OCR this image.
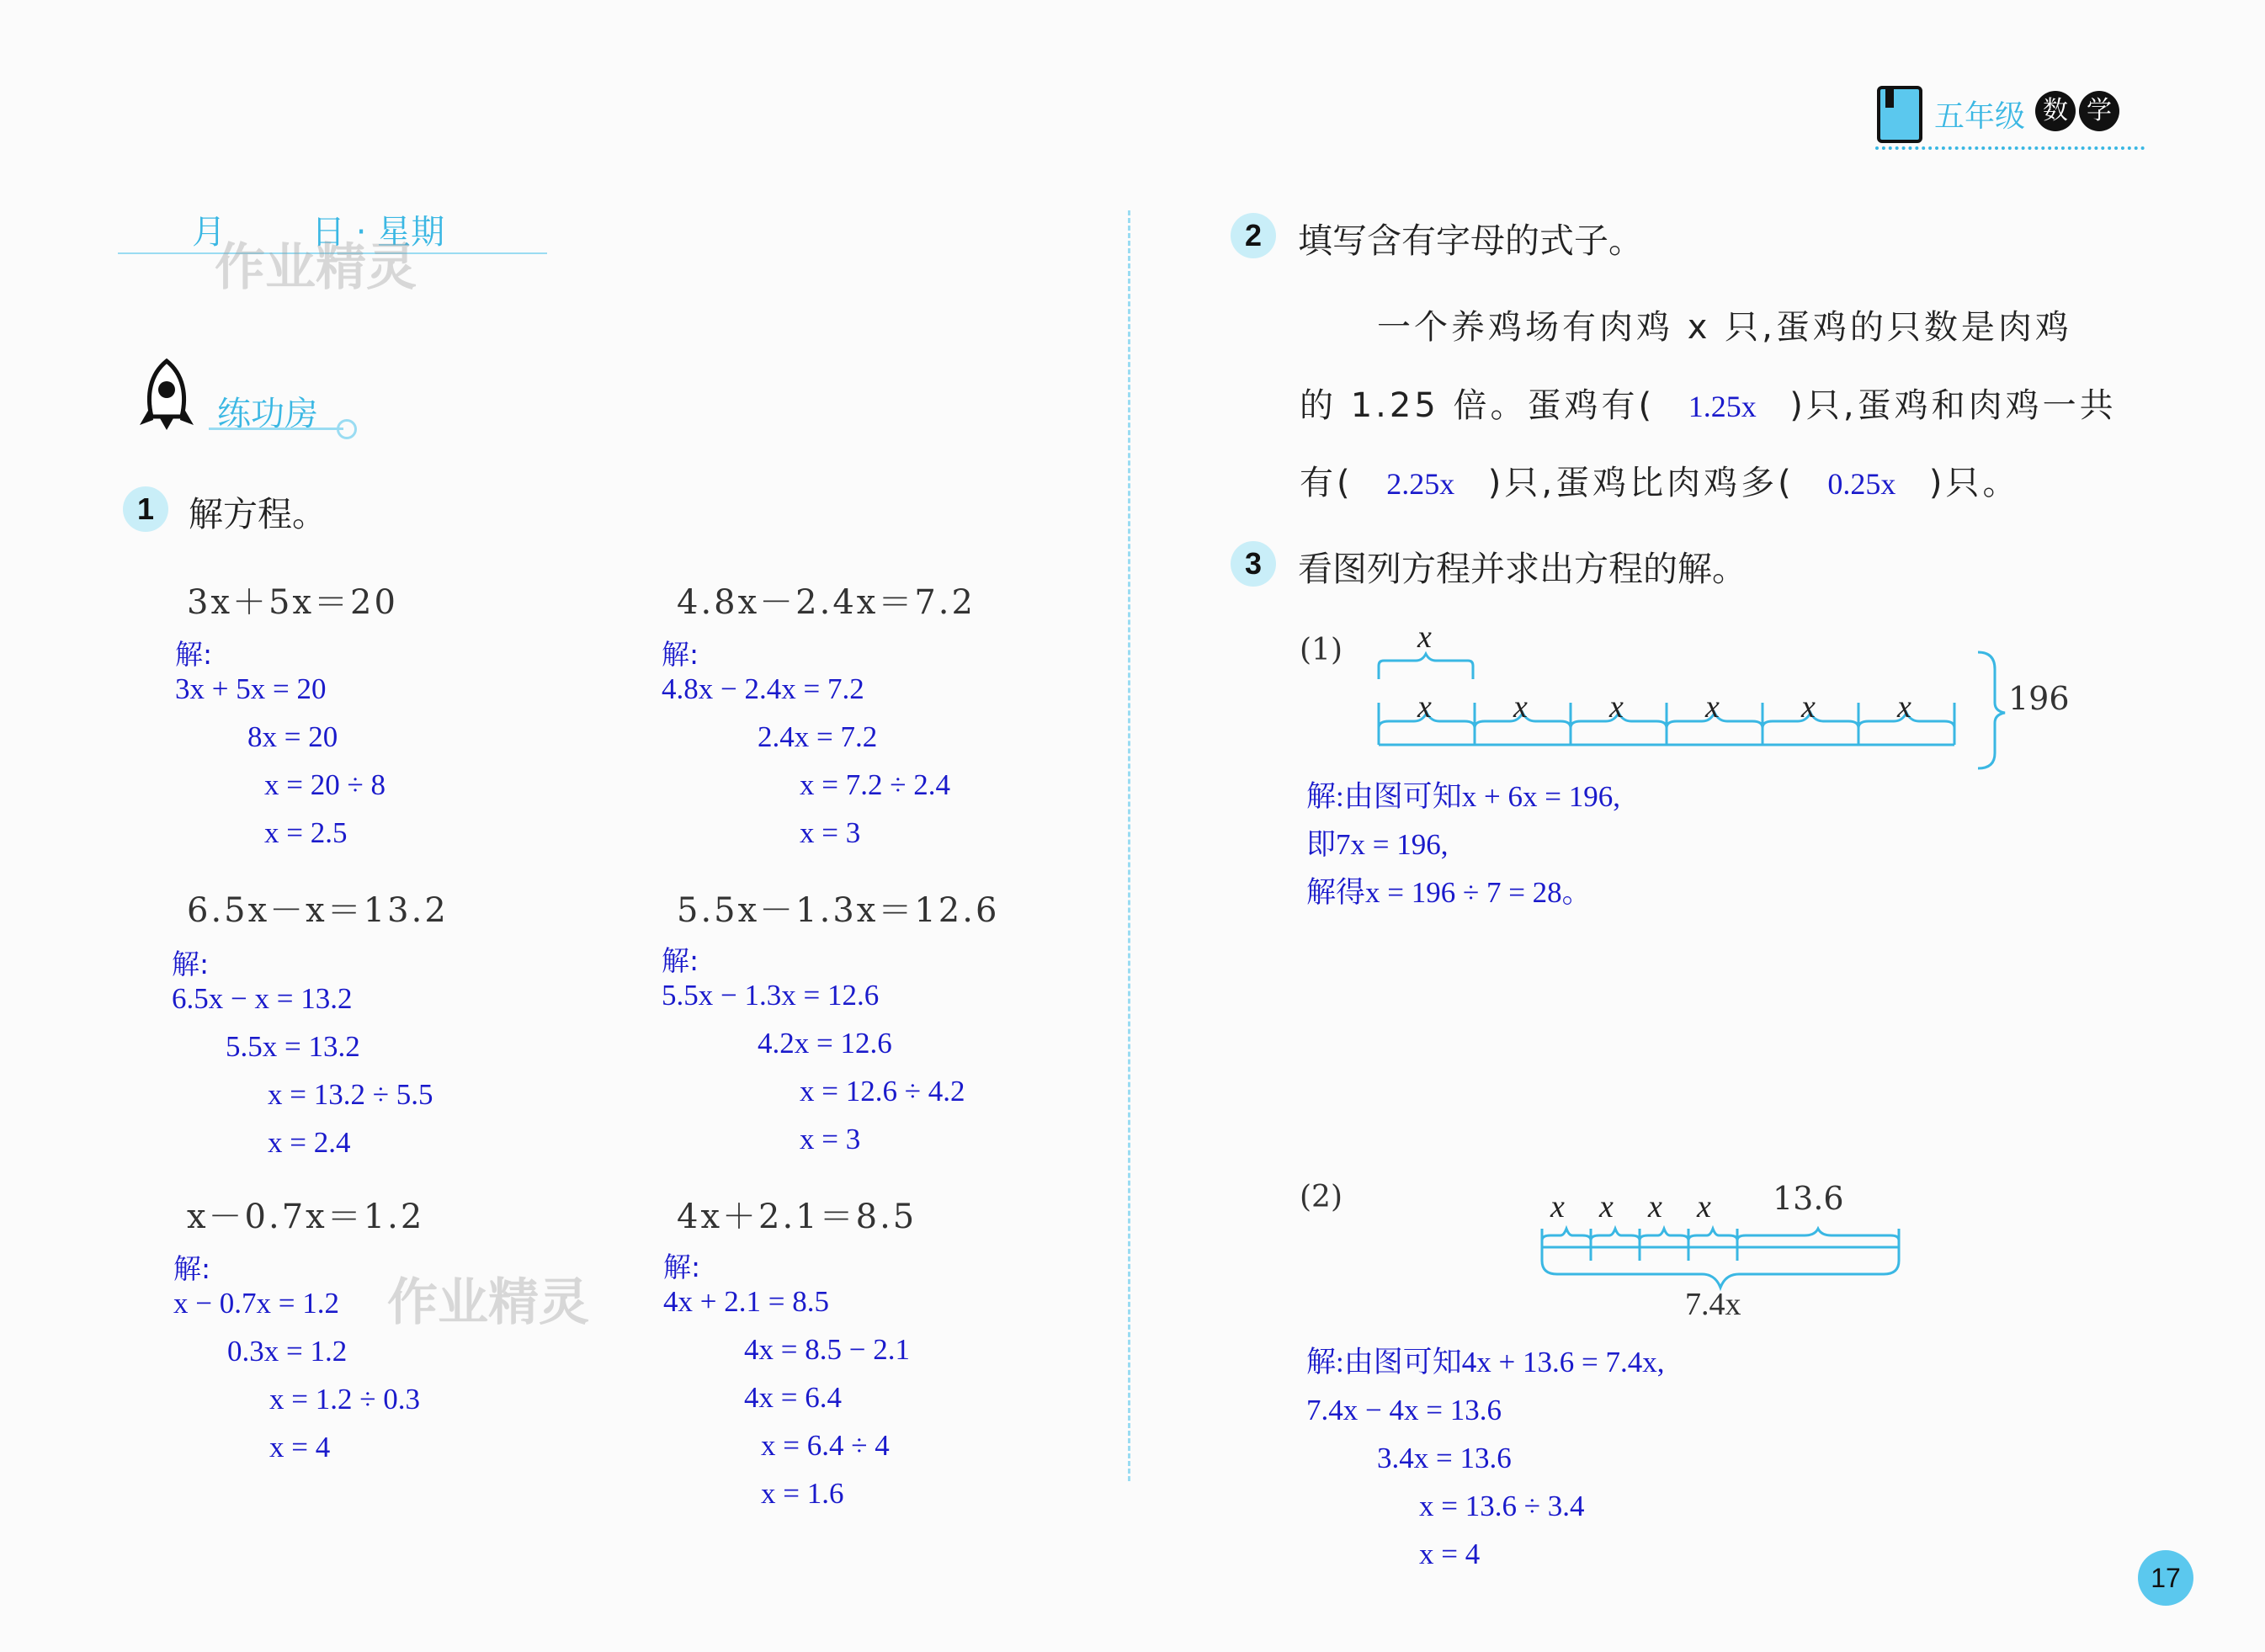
五年级 数 学
月	日 · 星期
作业精灵
练功房
1 解方程。
3x＋5x＝20
解:
3x + 5x = 20
8x = 20
x = 20 ÷ 8
x = 2.5
4.8x－2.4x＝7.2
解:
4.8x − 2.4x = 7.2
2.4x = 7.2
x = 7.2 ÷ 2.4
x = 3
6.5x－x＝13.2
解:
6.5x − x = 13.2
5.5x = 13.2
x = 13.2 ÷ 5.5
x = 2.4
5.5x－1.3x＝12.6
解:
5.5x − 1.3x = 12.6
4.2x = 12.6
x = 12.6 ÷ 4.2
x = 3
x－0.7x＝1.2
解:
x − 0.7x = 1.2
0.3x = 1.2
x = 1.2 ÷ 0.3
x = 4
作业精灵
4x＋2.1＝8.5
解:
4x + 2.1 = 8.5
4x = 8.5 − 2.1
4x = 6.4
x = 6.4 ÷ 4
x = 1.6
2	填写含有字母的式子。
一个养鸡场有肉鸡 x 只,蛋鸡的只数是肉鸡
的 1.25 倍。蛋鸡有( 1.25x )只,蛋鸡和肉鸡一共
有( 2.25x )只,蛋鸡比肉鸡多( 0.25x )只。
3	看图列方程并求出方程的解。
(1) x
x	x	x	x	x	x	196
解:由图可知x + 6x = 196,
即7x = 196,
解得x = 196 ÷ 7 = 28。
(2)	x x x x 13.6
7.4x
解:由图可知4x + 13.6 = 7.4x,
7.4x − 4x = 13.6
3.4x = 13.6
x = 13.6 ÷ 3.4
x = 4
17
